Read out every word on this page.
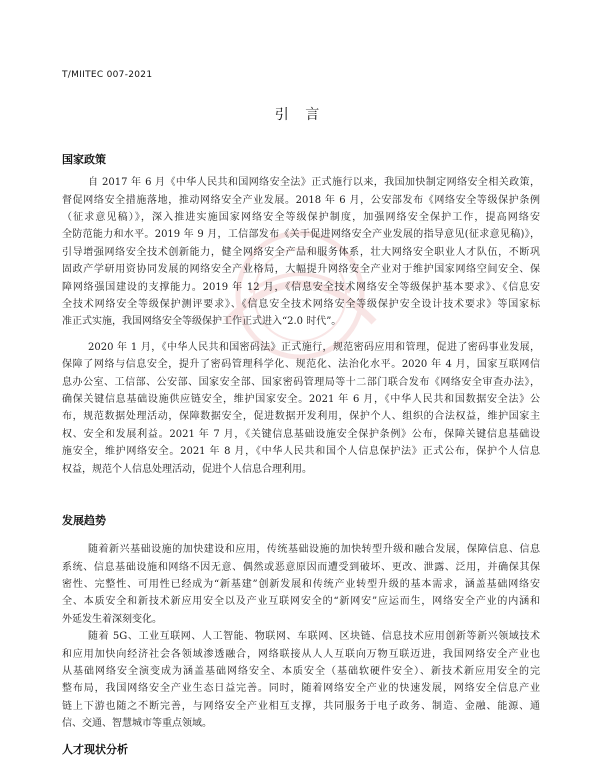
T/MIITEC 007-2021
引 言
国家政策
自 2017 年 6 月《中华人民共和国网络安全法》正式施行以来，我国加快制定网络安全相关政策，
督促网络安全措施落地，推动网络安全产业发展。2018 年 6 月，公安部发布《网络安全等级保护条例
（征求意见稿）》，深入推进实施国家网络安全等级保护制度，加强网络安全保护工作，提高网络安
全防范能力和水平。2019 年 9 月，工信部发布《关于促进网络安全产业发展的指导意见(征求意见稿)》，
引导增强网络安全技术创新能力，健全网络安全产品和服务体系，壮大网络安全职业人才队伍，不断巩
固政产学研用资协同发展的网络安全产业格局，大幅提升网络安全产业对于维护国家网络空间安全、保
障网络强国建设的支撑能力。2019 年 12 月，《信息安全技术网络安全等级保护基本要求》、《信息安
全技术网络安全等级保护测评要求》、《信息安全技术网络安全等级保护安全设计技术要求》等国家标
准正式实施，我国网络安全等级保护工作正式进入“2.0 时代”。
2020 年 1 月，《中华人民共和国密码法》正式施行，规范密码应用和管理，促进了密码事业发展，
保障了网络与信息安全，提升了密码管理科学化、规范化、法治化水平。2020 年 4 月，国家互联网信
息办公室、工信部、公安部、国家安全部、国家密码管理局等十二部门联合发布《网络安全审查办法》，
确保关键信息基础设施供应链安全，维护国家安全。2021 年 6 月，《中华人民共和国数据安全法》公
布，规范数据处理活动，保障数据安全，促进数据开发利用，保护个人、组织的合法权益，维护国家主
权、安全和发展利益。2021 年 7 月，《关键信息基础设施安全保护条例》公布，保障关键信息基础设
施安全，维护网络安全。2021 年 8 月，《中华人民共和国个人信息保护法》正式公布，保护个人信息
权益，规范个人信息处理活动，促进个人信息合理利用。
发展趋势
随着新兴基础设施的加快建设和应用，传统基础设施的加快转型升级和融合发展，保障信息、信息
系统、信息基础设施和网络不因无意、偶然或恶意原因而遭受到破坏、更改、泄露、泛用，并确保其保
密性、完整性、可用性已经成为“新基建”创新发展和传统产业转型升级的基本需求，涵盖基础网络安
全、本质安全和新技术新应用安全以及产业互联网安全的“新网安”应运而生，网络安全产业的内涵和
外延发生着深刻变化。
随着 5G、工业互联网、人工智能、物联网、车联网、区块链、信息技术应用创新等新兴领域技术
和应用加快向经济社会各领域渗透融合，网络联接从人人互联向万物互联迈进，我国网络安全产业也
从基础网络安全演变成为涵盖基础网络安全、本质安全（基础软硬件安全）、新技术新应用安全的完
整布局，我国网络安全产业生态日益完善。同时，随着网络安全产业的快速发展，网络安全信息产业
链上下游也随之不断完善，与网络安全产业相互支撑，共同服务于电子政务、制造、金融、能源、通
信、交通、智慧城市等重点领域。
人才现状分析
